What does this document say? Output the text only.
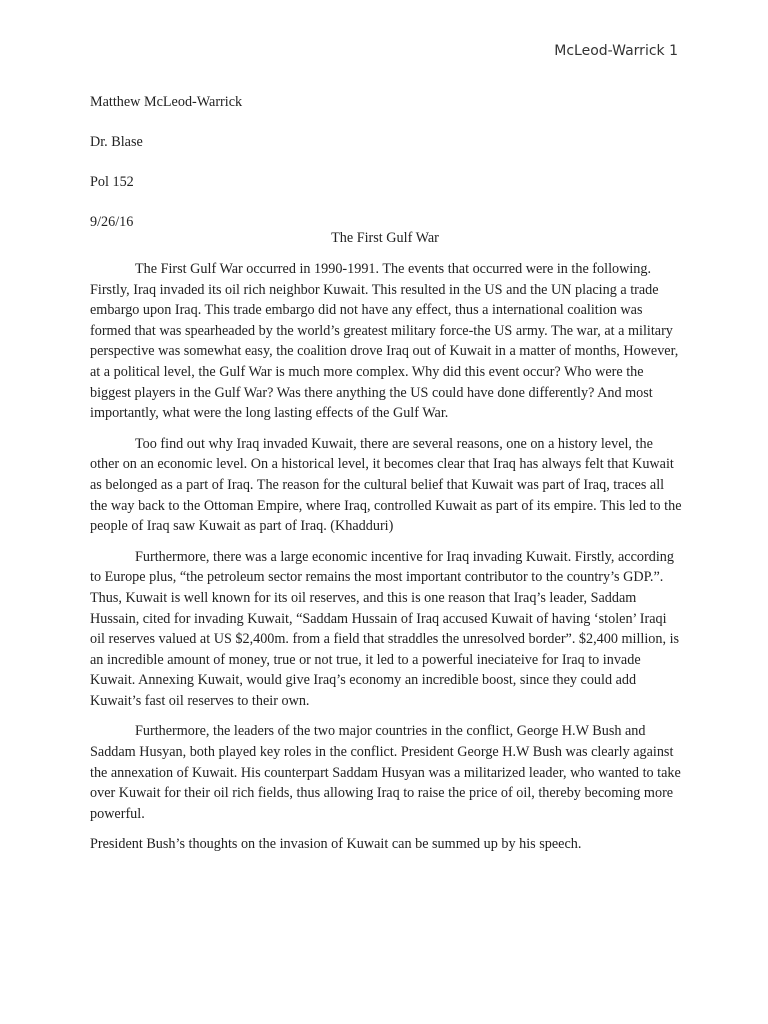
McLeod-Warrick 1

Matthew McLeod-Warrick

Dr. Blase

Pol 152

9/26/16

The First Gulf War

The First Gulf War occurred in 1990-1991. The events that occurred were in the following. Firstly, Iraq invaded its oil rich neighbor Kuwait. This resulted in the US and the UN placing a trade embargo upon Iraq. This trade embargo did not have any effect, thus a international coalition was formed that was spearheaded by the world’s greatest military force-the US army. The war, at a military perspective was somewhat easy, the coalition drove Iraq out of Kuwait in a matter of months, However, at a political level, the Gulf War is much more complex. Why did this event occur? Who were the biggest players in the Gulf War? Was there anything the US could have done differently? And most importantly, what were the long lasting effects of the Gulf War.

Too find out why Iraq invaded Kuwait, there are several reasons, one on a history level, the other on an economic level. On a historical level, it becomes clear that Iraq has always felt that Kuwait as belonged as a part of Iraq. The reason for the cultural belief that Kuwait was part of Iraq, traces all the way back to the Ottoman Empire, where Iraq, controlled Kuwait as part of its empire. This led to the people of Iraq saw Kuwait as part of Iraq. (Khadduri)

Furthermore, there was a large economic incentive for Iraq invading Kuwait. Firstly, according to Europe plus, “the petroleum sector remains the most important contributor to the country’s GDP.”. Thus, Kuwait is well known for its oil reserves, and this is one reason that Iraq’s leader, Saddam Hussain, cited for invading Kuwait, “Saddam Hussain of Iraq accused Kuwait of having ‘stolen’ Iraqi oil reserves valued at US $2,400m. from a field that straddles the unresolved border”. $2,400 million, is an incredible amount of money, true or not true, it led to a powerful ineciateive for Iraq to invade Kuwait. Annexing Kuwait, would give Iraq’s economy an incredible boost, since they could add Kuwait’s fast oil reserves to their own.

Furthermore, the leaders of the two major countries in the conflict, George H.W Bush and Saddam Husyan, both played key roles in the conflict. President George H.W Bush was clearly against the annexation of Kuwait. His counterpart Saddam Husyan was a militarized leader, who wanted to take over Kuwait for their oil rich fields, thus allowing Iraq to raise the price of oil, thereby becoming more powerful.

President Bush’s thoughts on the invasion of Kuwait can be summed up by his speech.
